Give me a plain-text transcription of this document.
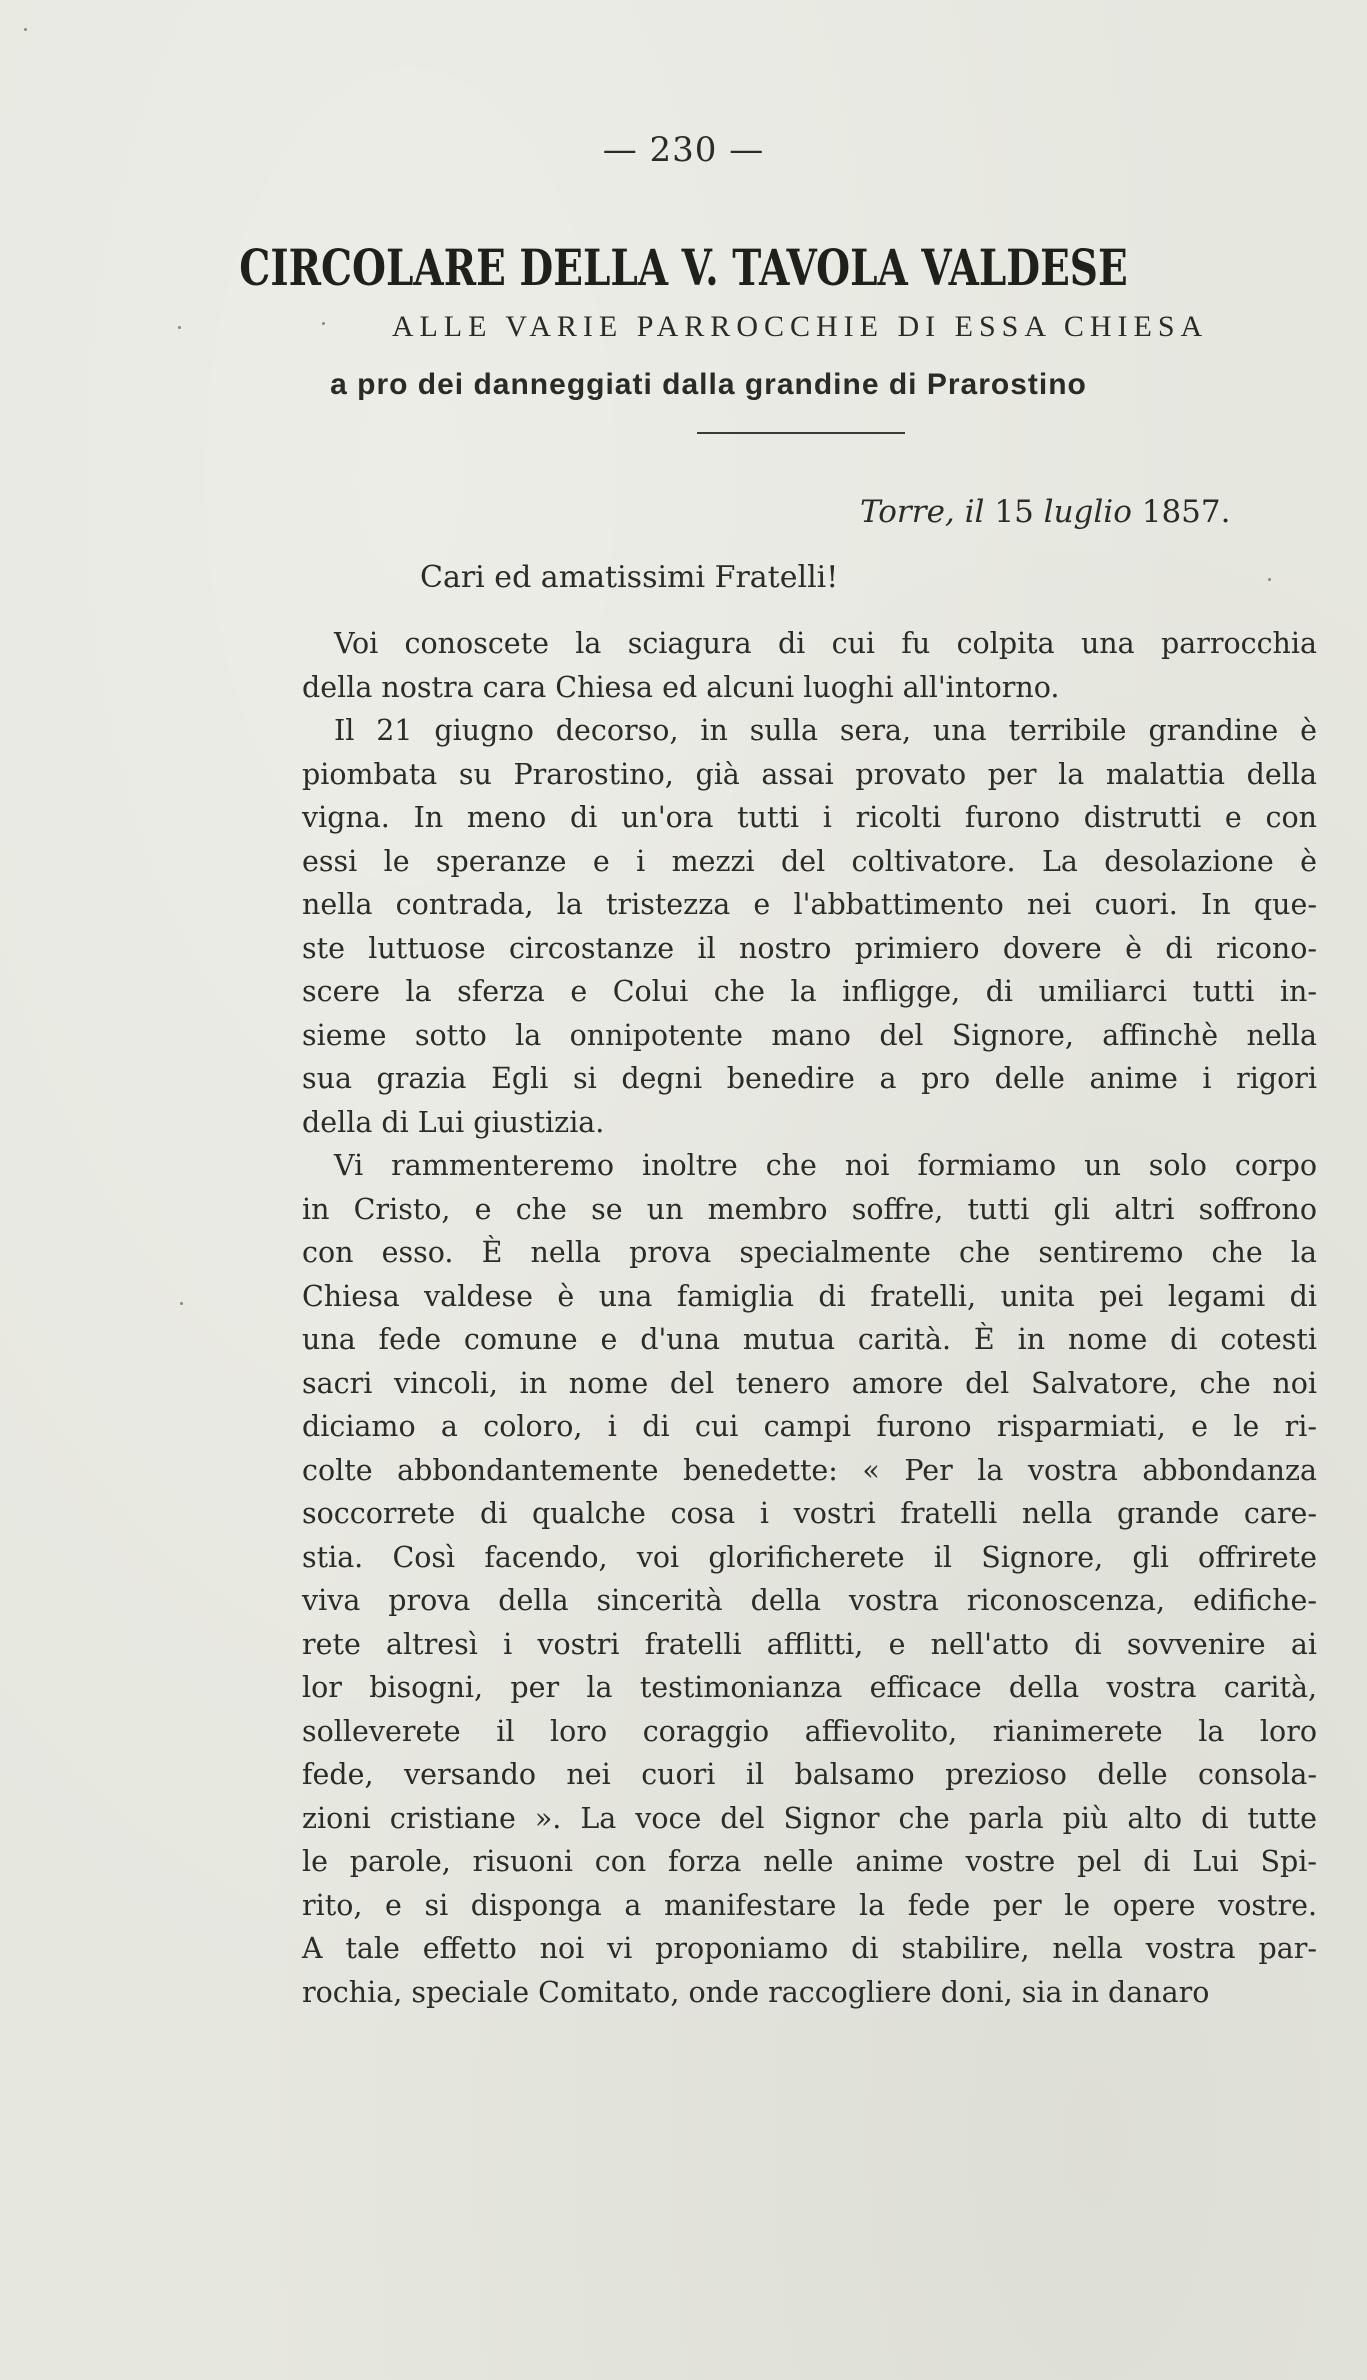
— 230 —
CIRCOLARE DELLA V. TAVOLA VALDESE
ALLE VARIE PARROCCHIE DI ESSA CHIESA
a pro dei danneggiati dalla grandine di Prarostino
Torre, il 15 luglio 1857.
Cari ed amatissimi Fratelli!
Voi conoscete la sciagura di cui fu colpita una parrocchia
della nostra cara Chiesa ed alcuni luoghi all'intorno.
Il 21 giugno decorso, in sulla sera, una terribile grandine è
piombata su Prarostino, già assai provato per la malattia della
vigna. In meno di un'ora tutti i ricolti furono distrutti e con
essi le speranze e i mezzi del coltivatore. La desolazione è
nella contrada, la tristezza e l'abbattimento nei cuori. In que-
ste luttuose circostanze il nostro primiero dovere è di ricono-
scere la sferza e Colui che la infligge, di umiliarci tutti in-
sieme sotto la onnipotente mano del Signore, affinchè nella
sua grazia Egli si degni benedire a pro delle anime i rigori
della di Lui giustizia.
Vi rammenteremo inoltre che noi formiamo un solo corpo
in Cristo, e che se un membro soffre, tutti gli altri soffrono
con esso. È nella prova specialmente che sentiremo che la
Chiesa valdese è una famiglia di fratelli, unita pei legami di
una fede comune e d'una mutua carità. È in nome di cotesti
sacri vincoli, in nome del tenero amore del Salvatore, che noi
diciamo a coloro, i di cui campi furono risparmiati, e le ri-
colte abbondantemente benedette: « Per la vostra abbondanza
soccorrete di qualche cosa i vostri fratelli nella grande care-
stia. Così facendo, voi glorificherete il Signore, gli offrirete
viva prova della sincerità della vostra riconoscenza, ediﬁche-
rete altresì i vostri fratelli afflitti, e nell'atto di sovvenire ai
lor bisogni, per la testimonianza efficace della vostra carità,
solleverete il loro coraggio affievolito, rianimerete la loro
fede, versando nei cuori il balsamo prezioso delle consola-
zioni cristiane ». La voce del Signor che parla più alto di tutte
le parole, risuoni con forza nelle anime vostre pel di Lui Spi-
rito, e si disponga a manifestare la fede per le opere vostre.
A tale effetto noi vi proponiamo di stabilire, nella vostra par-
rochia, speciale Comitato, onde raccogliere doni, sia in danaro
